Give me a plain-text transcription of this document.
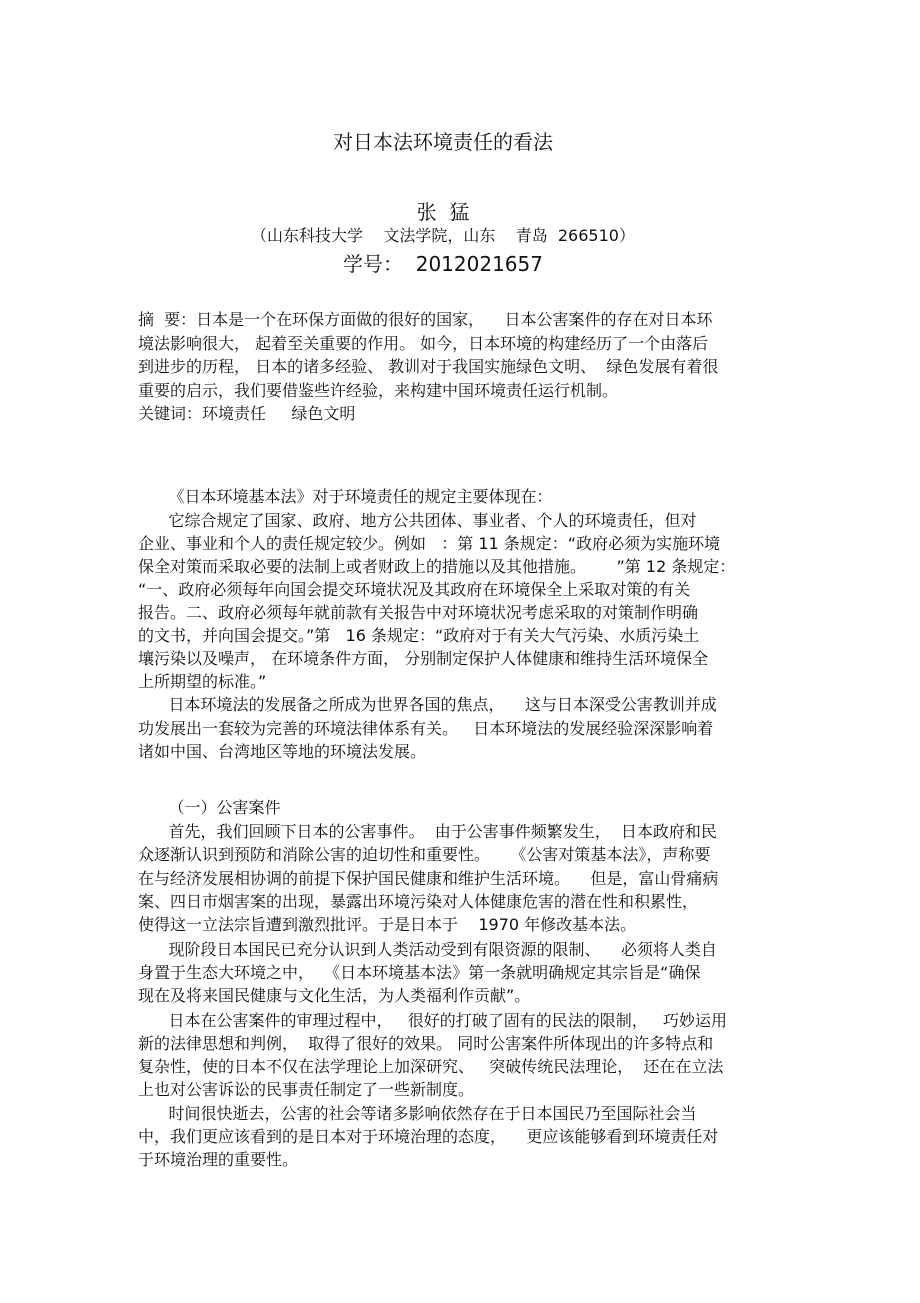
对日本法环境责任的看法
张  猛
（山东科技大学    文法学院，山东    青岛  266510）
学号：  2012021657
摘  要：日本是一个在环保方面做的很好的国家，    日本公害案件的存在对日本环
境法影响很大， 起着至关重要的作用。 如今，日本环境的构建经历了一个由落后
到进步的历程， 日本的诸多经验、 教训对于我国实施绿色文明、  绿色发展有着很
重要的启示，我们要借鉴些许经验，来构建中国环境责任运行机制。
关键词：环境责任     绿色文明
《日本环境基本法》对于环境责任的规定主要体现在：
它综合规定了国家、政府、地方公共团体、事业者、个人的环境责任，但对
企业、事业和个人的责任规定较少。例如   ：第 11 条规定：“政府必须为实施环境
保全对策而采取必要的法制上或者财政上的措施以及其他措施。      ”第 12 条规定：
“一、政府必须每年向国会提交环境状况及其政府在环境保全上采取对策的有关
报告。二、政府必须每年就前款有关报告中对环境状况考虑采取的对策制作明确
的文书，并向国会提交。”第   16 条规定：“政府对于有关大气污染、水质污染土
壤污染以及噪声， 在环境条件方面， 分别制定保护人体健康和维持生活环境保全
上所期望的标准。”
日本环境法的发展备之所成为世界各国的焦点，    这与日本深受公害教训并成
功发展出一套较为完善的环境法律体系有关。   日本环境法的发展经验深深影响着
诸如中国、台湾地区等地的环境法发展。
（一）公害案件
首先，我们回顾下日本的公害事件。  由于公害事件频繁发生，  日本政府和民
众逐渐认识到预防和消除公害的迫切性和重要性。    《公害对策基本法》，声称要
在与经济发展相协调的前提下保护国民健康和维护生活环境。    但是，富山骨痛病
案、四日市烟害案的出现，暴露出环境污染对人体健康危害的潜在性和积累性，
使得这一立法宗旨遭到激烈批评。于是日本于    1970 年修改基本法。
现阶段日本国民已充分认识到人类活动受到有限资源的限制、    必须将人类自
身置于生态大环境之中，  《日本环境基本法》第一条就明确规定其宗旨是“确保
现在及将来国民健康与文化生活，为人类福利作贡献”。
日本在公害案件的审理过程中，   很好的打破了固有的民法的限制，   巧妙运用
新的法律思想和判例，  取得了很好的效果。 同时公害案件所体现出的许多特点和
复杂性，使的日本不仅在法学理论上加深研究、   突破传统民法理论，  还在在立法
上也对公害诉讼的民事责任制定了一些新制度。
时间很快逝去，公害的社会等诸多影响依然存在于日本国民乃至国际社会当
中，我们更应该看到的是日本对于环境治理的态度，    更应该能够看到环境责任对
于环境治理的重要性。
